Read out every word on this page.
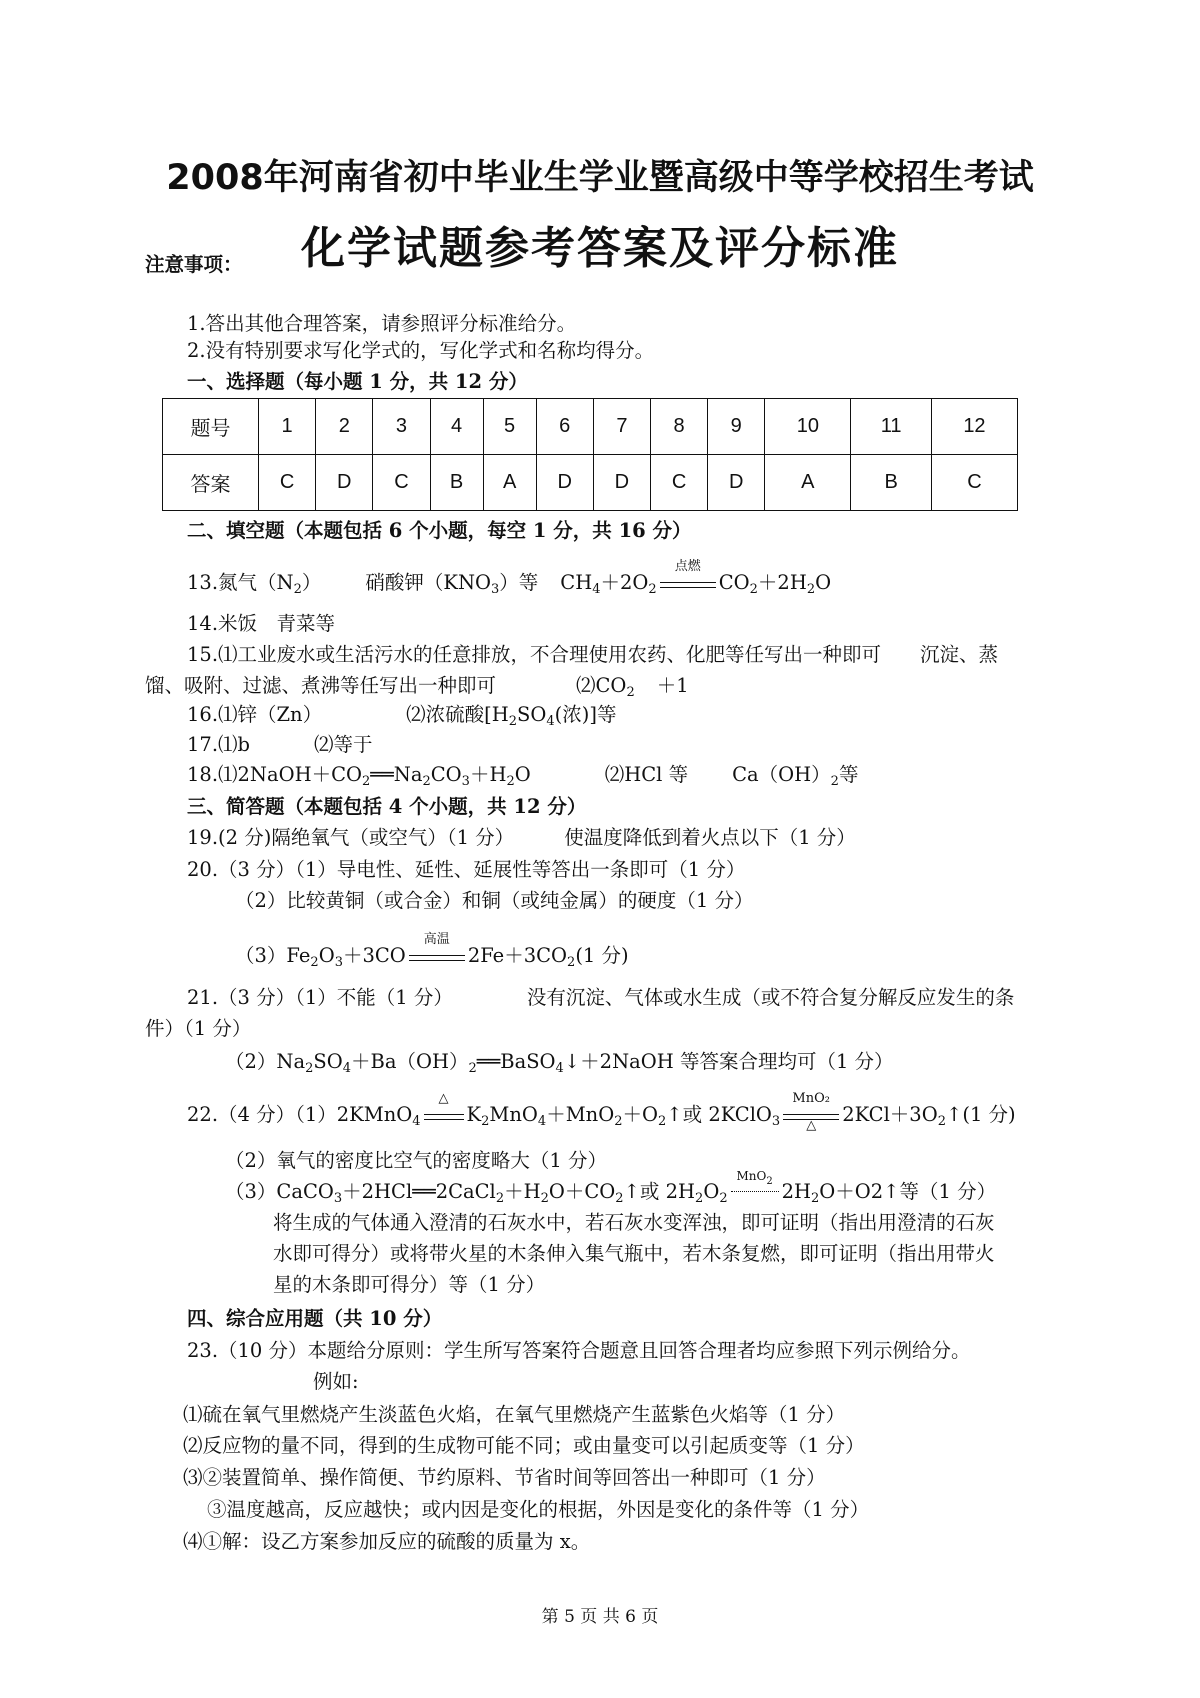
2008年河南省初中毕业生学业暨高级中等学校招生考试
化学试题参考答案及评分标准
注意事项：
1.答出其他合理答案，请参照评分标准给分。
2.没有特别要求写化学式的，写化学式和名称均得分。
一、选择题（每小题 1 分，共 12 分）
题号	1	2	3	4	5	6	7	8	9	10	11	12
答案	C	D	C	B	A	D	D	C	D	A	B	C
二、填空题（本题包括 6 个小题，每空 1 分，共 16 分）
13.氮气$(N_2)$ 硝酸钾$(KNO_3)$等 $CH_4+2O_2$
点燃
$CO_2+2H_2O$
14.米饭　青菜等
15.⑴工业废水或生活污水的任意排放，不合理使用农药、化肥等任写出一种即可　　沉淀、蒸
馏、吸附、过滤、煮沸等任写出一种即可	$⑵CO_2 +1$
16.⑴锌（Zn）	⑵浓硫酸[$H_2SO_4$(浓)]等
17.⑴b	⑵等于
$18.⑴2NaOH+CO_2══Na_2CO_3+H_2O$	⑵HCl 等 $Ca(OH)_2$等
三、简答题（本题包括 4 个小题，共 12 分）
19.(2 分)隔绝氧气（或空气）（1 分）	使温度降低到着火点以下（1 分）
20.（3 分）（1）导电性、延性、延展性等答出一条即可（1 分）
（2）比较黄铜（或合金）和铜（或纯金属）的硬度（1 分）
$(3)Fe_2O_3+3CO$
高温
$2Fe+3CO_2(1$ 分)
21.（3 分）（1）不能（1 分）	没有沉淀、气体或水生成（或不符合复分解反应发生的条
件）（1 分）
$(2)Na_2SO_4+Ba(OH)_2══BaSO_4↓+2NaOH$ 等答案合理均可（1 分）
22.（4 分）（1）2KMnO$_4$
△
$K_2MnO_4+MnO_2+O_2↑$或 2KClO$_3$
MnO₂
△	$2KCl+3O_2↑(1$ 分)
（2）氧气的密度比空气的密度略大（1 分）
$(3)CaCO_3+2HCl══2CaCl_2+H_2O+CO_2↑$或 $2H_2O_2$
MnO$_2$ $2H_2O+O2↑$等（1 分）
将生成的气体通入澄清的石灰水中，若石灰水变浑浊，即可证明（指出用澄清的石灰
水即可得分）或将带火星的木条伸入集气瓶中，若木条复燃，即可证明（指出用带火
星的木条即可得分）等（1 分）
四、综合应用题（共 10 分）
23.（10 分）本题给分原则：学生所写答案符合题意且回答合理者均应参照下列示例给分。
例如:
⑴硫在氧气里燃烧产生淡蓝色火焰，在氧气里燃烧产生蓝紫色火焰等（1 分）
⑵反应物的量不同，得到的生成物可能不同；或由量变可以引起质变等（1 分）
⑶②装置简单、操作简便、节约原料、节省时间等回答出一种即可（1 分）
③温度越高，反应越快；或内因是变化的根据，外因是变化的条件等（1 分）
⑷①解：设乙方案参加反应的硫酸的质量为 x。
第 5 页 共 6 页
